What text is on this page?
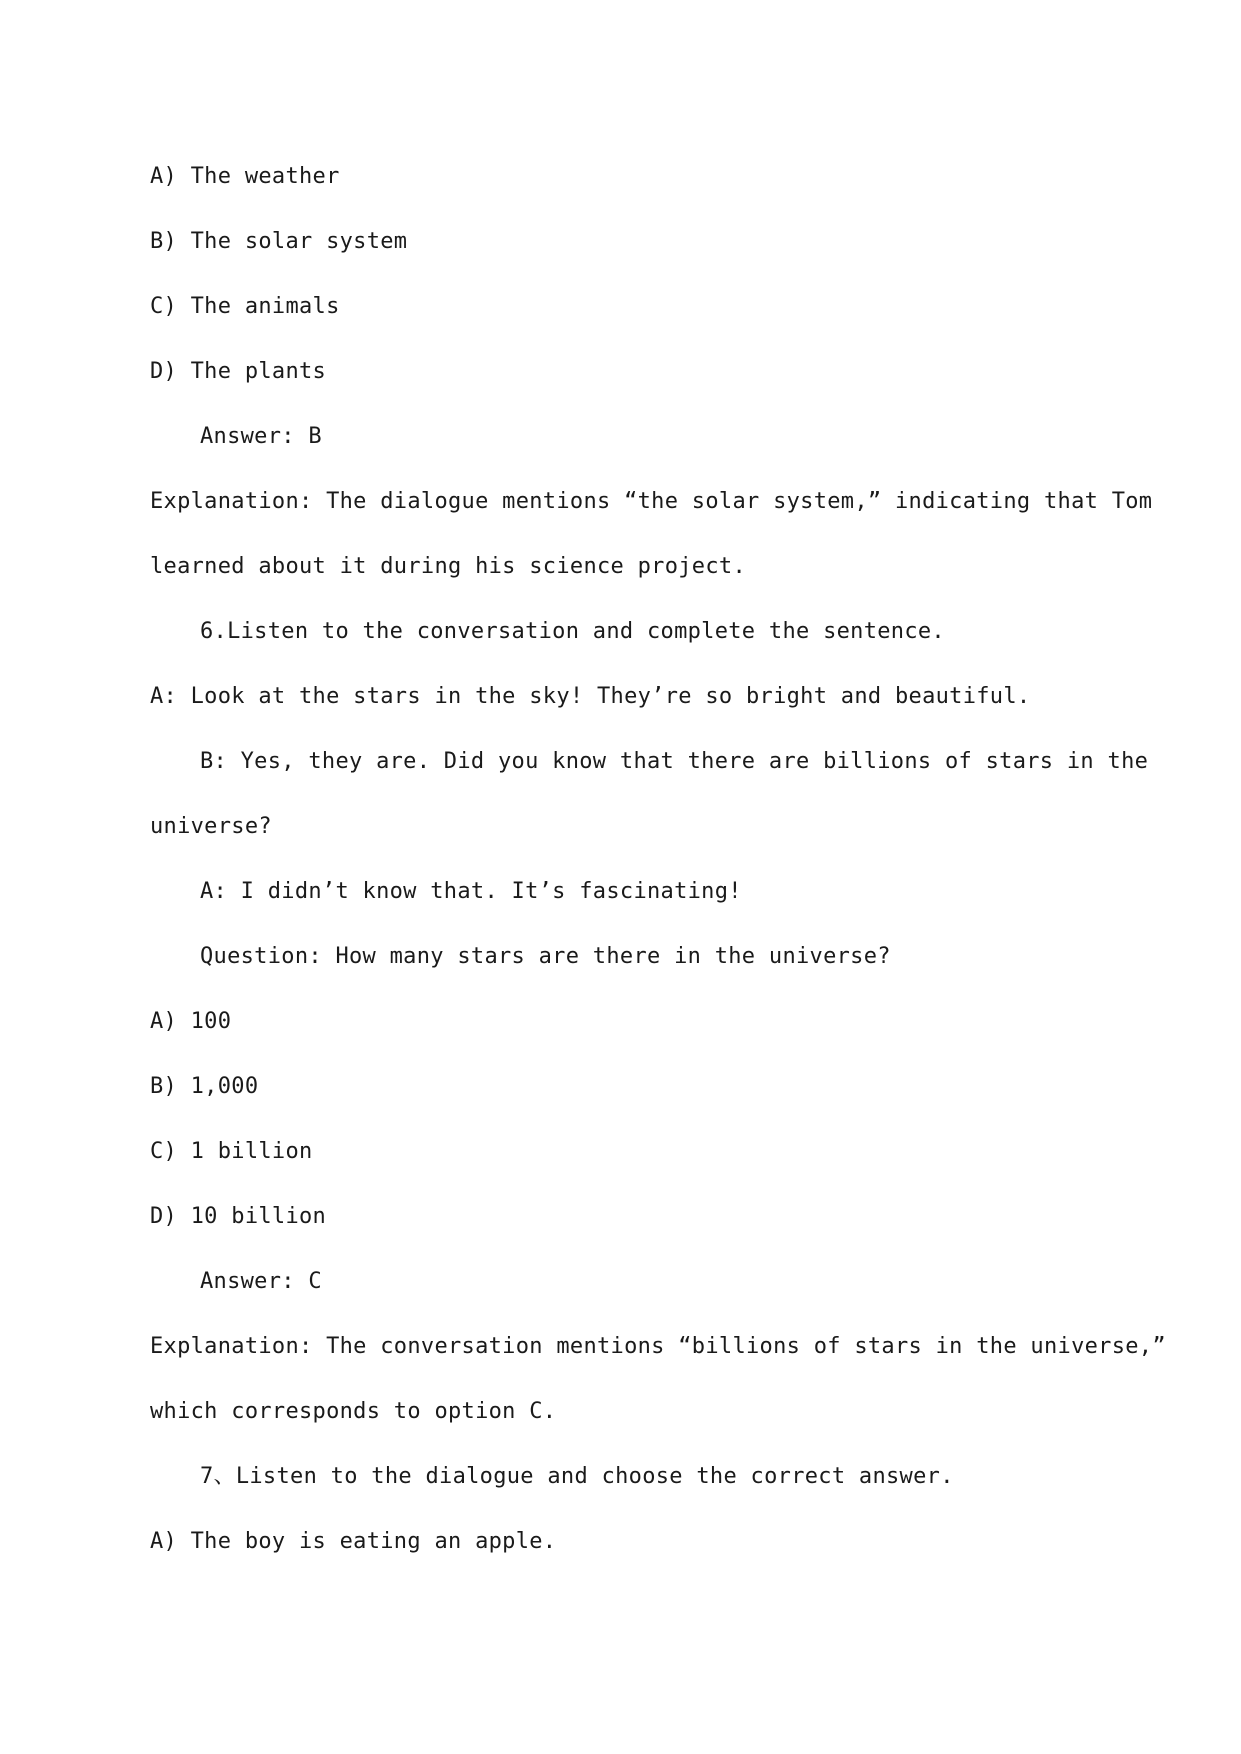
A) The weather
B) The solar system
C) The animals
D) The plants
Answer: B
Explanation: The dialogue mentions “the solar system,” indicating that Tom
learned about it during his science project.
6.Listen to the conversation and complete the sentence.
A: Look at the stars in the sky! They’re so bright and beautiful.
B: Yes, they are. Did you know that there are billions of stars in the
universe?
A: I didn’t know that. It’s fascinating!
Question: How many stars are there in the universe?
A) 100
B) 1,000
C) 1 billion
D) 10 billion
Answer: C
Explanation: The conversation mentions “billions of stars in the universe,”
which corresponds to option C.
7、Listen to the dialogue and choose the correct answer.
A) The boy is eating an apple.
